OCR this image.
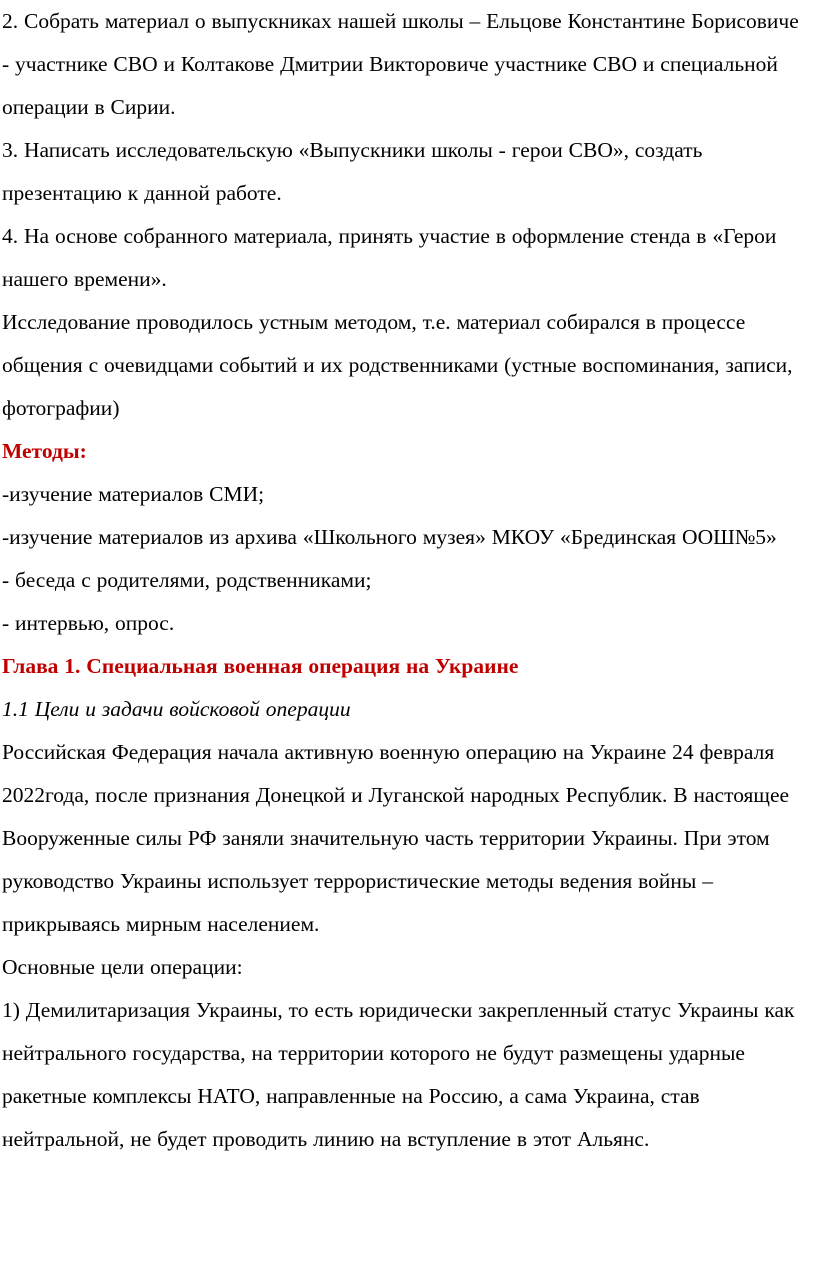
2. Собрать материал о выпускниках нашей школы – Ельцове Константине Борисовиче - участнике СВО и Колтакове Дмитрии Викторовиче участнике СВО и специальной операции в Сирии.

3. Написать исследовательскую «Выпускники школы - герои СВО», создать презентацию к данной работе.

4. На основе собранного материала, принять участие в оформление стенда в «Герои нашего времени».

Исследование проводилось устным методом, т.е. материал собирался в процессе общения с очевидцами событий и их родственниками (устные воспоминания, записи, фотографии)

Методы:

-изучение материалов СМИ;

-изучение материалов из архива «Школьного музея» МКОУ «Брединская ООШ№5»

- беседа с родителями, родственниками;

- интервью, опрос.

Глава 1. Специальная военная операция на Украине

1.1 Цели и задачи войсковой операции

Российская Федерация начала активную военную операцию на Украине 24 февраля 2022года, после признания Донецкой и Луганской народных Республик. В настоящее Вооруженные силы РФ заняли значительную часть территории Украины. При этом руководство Украины использует террористические методы ведения войны – прикрываясь мирным населением.

Основные цели операции:

1) Демилитаризация Украины, то есть юридически закрепленный статус Украины как нейтрального государства, на территории которого не будут размещены ударные ракетные комплексы НАТО, направленные на Россию, а сама Украина, став нейтральной, не будет проводить линию на вступление в этот Альянс.
